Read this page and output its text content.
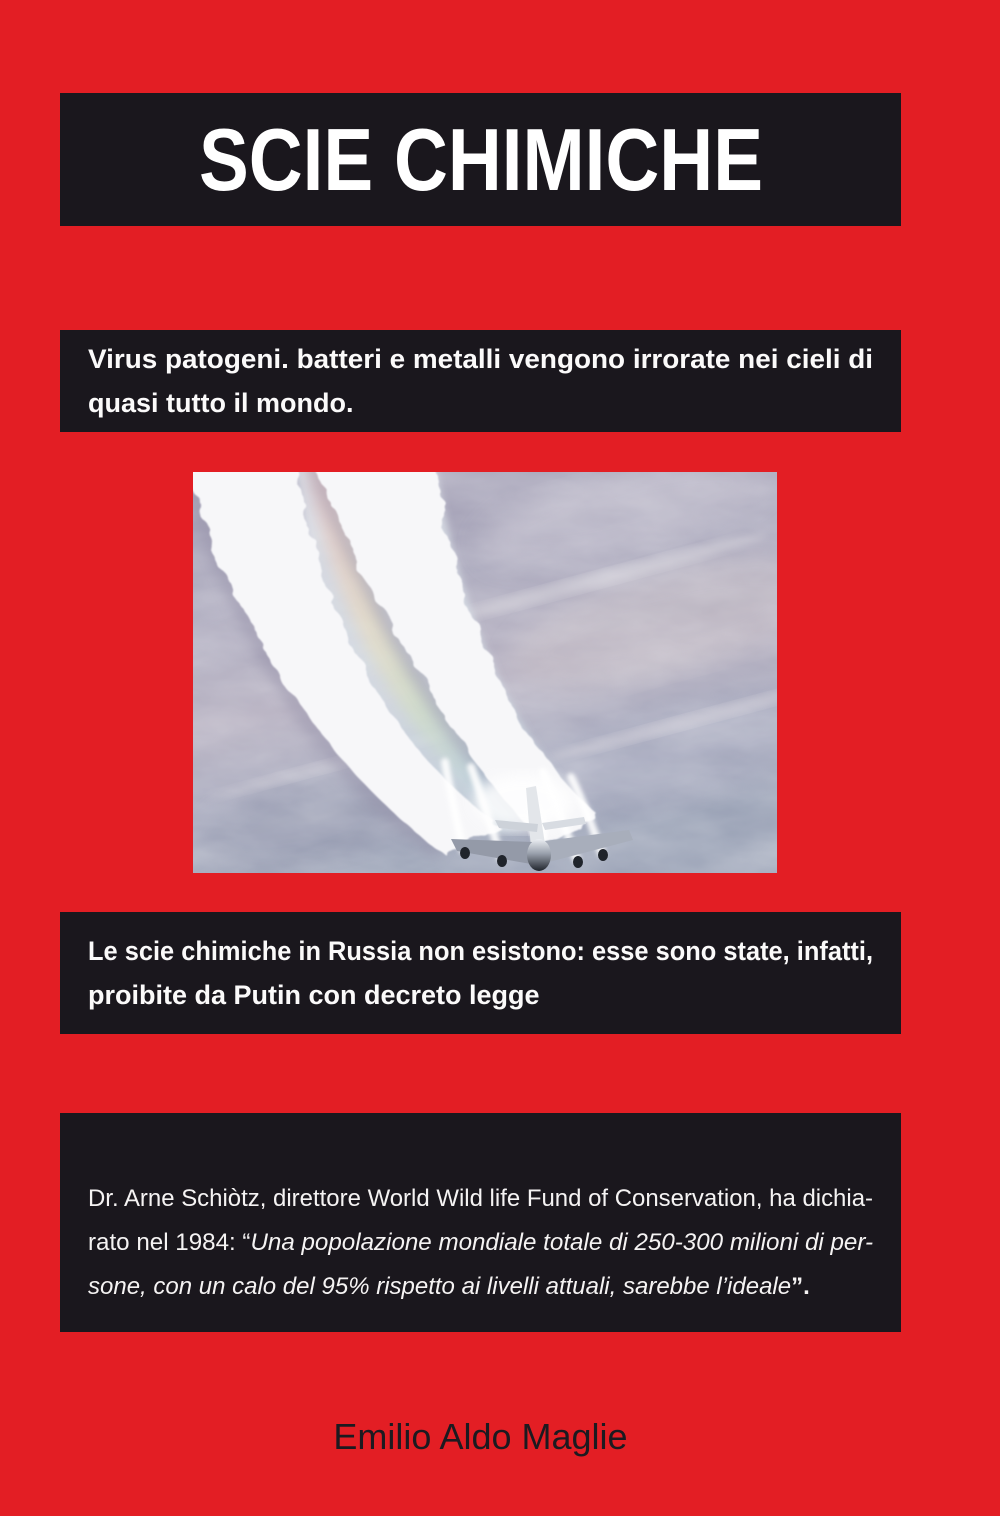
SCIE CHIMICHE
Virus patogeni. batteri e metalli vengono irrorate nei cieli di
quasi tutto il mondo.
Le scie chimiche in Russia non esistono: esse sono state, infatti,
proibite da Putin con decreto legge
Dr. Arne Schiòtz, direttore World Wild life Fund of Conservation, ha dichia-
rato nel 1984: “Una popolazione mondiale totale di 250-300 milioni di per-
sone, con un calo del 95% rispetto ai livelli attuali, sarebbe l’ideale”.
Emilio Aldo Maglie
